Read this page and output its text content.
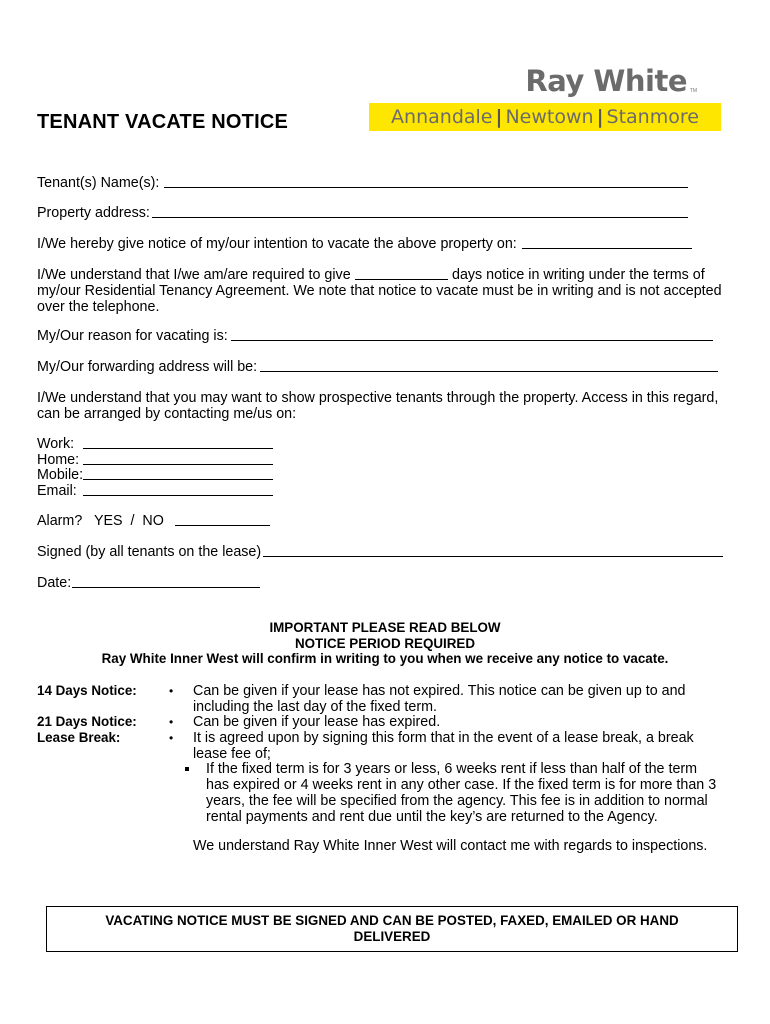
Ray White TM
Annandale | Newtown | Stanmore
TENANT VACATE NOTICE
Tenant(s) Name(s):
Property address:
I/We hereby give notice of my/our intention to vacate the above property on:
I/We understand that I/we am/are required to give	days notice in writing under the terms of
my/our Residential Tenancy Agreement. We note that notice to vacate must be in writing and is not accepted over the telephone.
My/Our reason for vacating is:
My/Our forwarding address will be:
I/We understand that you may want to show prospective tenants through the property. Access in this regard, can be arranged by contacting me/us on:
Work:
Home:
Mobile:
Email:
Alarm?   YES  /  NO
Signed (by all tenants on the lease)
Date:
IMPORTANT PLEASE READ BELOW
NOTICE PERIOD REQUIRED
Ray White Inner West will confirm in writing to you when we receive any notice to vacate.
14 Days Notice:
21 Days Notice:
Lease Break:
• Can be given if your lease has not expired. This notice can be given up to and including the last day of the fixed term.
• Can be given if your lease has expired.
• It is agreed upon by signing this form that in the event of a lease break, a break lease fee of;
If the fixed term is for 3 years or less, 6 weeks rent if less than half of the term has expired or 4 weeks rent in any other case. If the fixed term is for more than 3 years, the fee will be specified from the agency. This fee is in addition to normal rental payments and rent due until the key’s are returned to the Agency.
We understand Ray White Inner West will contact me with regards to inspections.
VACATING NOTICE MUST BE SIGNED AND CAN BE POSTED, FAXED, EMAILED OR HAND
DELIVERED
